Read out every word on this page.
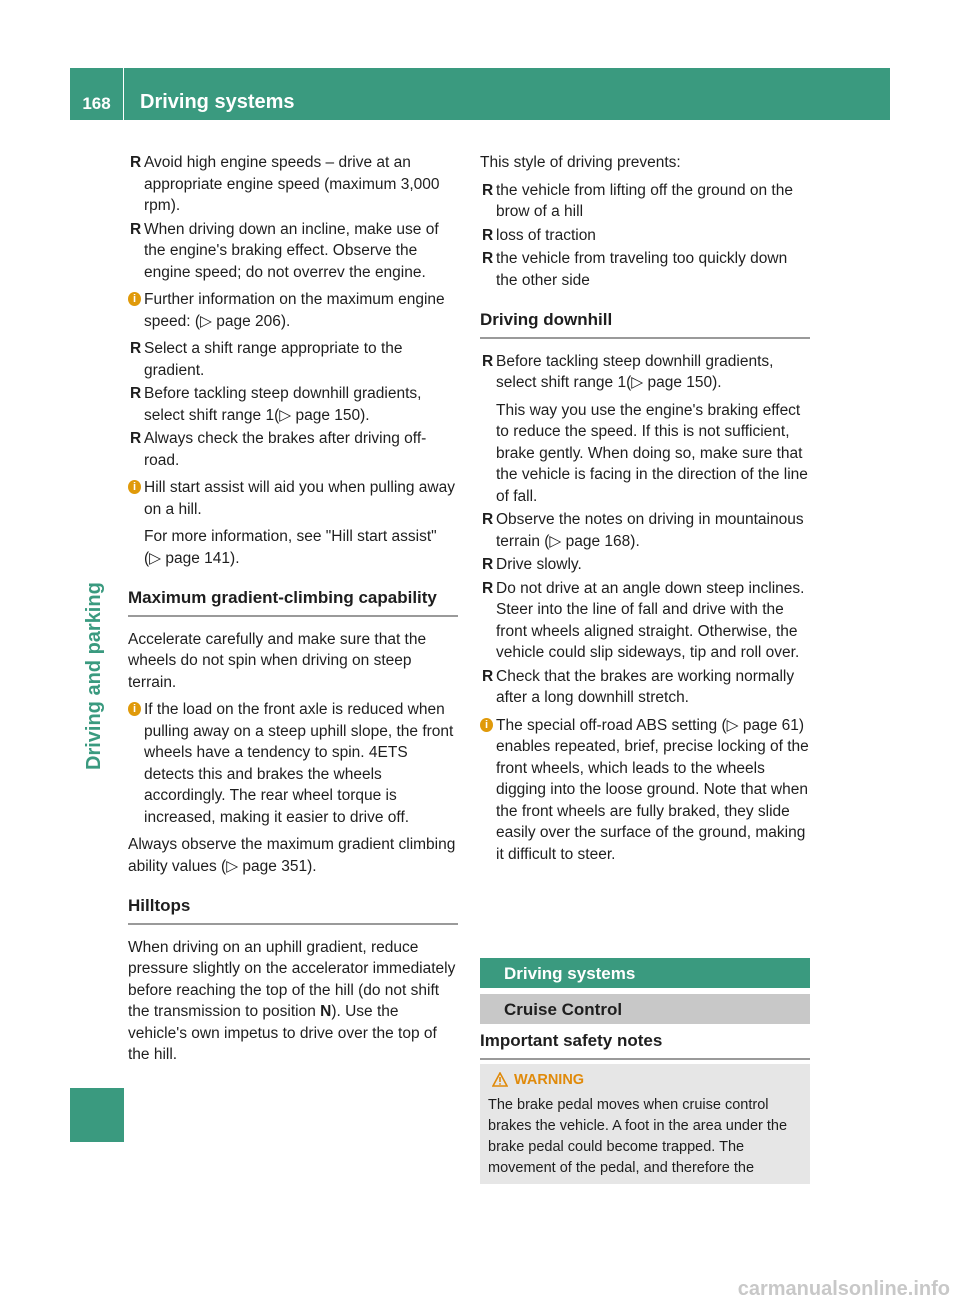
168	Driving systems
Driving and parking
R Avoid high engine speeds – drive at an appropriate engine speed (maximum 3,000 rpm).
R When driving down an incline, make use of the engine's braking effect. Observe the engine speed; do not overrev the engine.
i Further information on the maximum engine speed: (▷ page 206).
R Select a shift range appropriate to the gradient.
R Before tackling steep downhill gradients, select shift range 1(▷ page 150).
R Always check the brakes after driving off-road.
i Hill start assist will aid you when pulling away on a hill.
For more information, see "Hill start assist" (▷ page 141).
Maximum gradient-climbing capability

Accelerate carefully and make sure that the wheels do not spin when driving on steep terrain.

i If the load on the front axle is reduced when pulling away on a steep uphill slope, the front wheels have a tendency to spin. 4ETS detects this and brakes the wheels accordingly. The rear wheel torque is increased, making it easier to drive off.

Always observe the maximum gradient climbing ability values (▷ page 351).

Hilltops

When driving on an uphill gradient, reduce pressure slightly on the accelerator immediately before reaching the top of the hill (do not shift the transmission to position N). Use the vehicle's own impetus to drive over the top of the hill.

This style of driving prevents:

R the vehicle from lifting off the ground on the brow of a hill
R loss of traction
R the vehicle from traveling too quickly down the other side
Driving downhill
R Before tackling steep downhill gradients, select shift range 1(▷ page 150).
This way you use the engine's braking effect to reduce the speed. If this is not sufficient, brake gently. When doing so, make sure that the vehicle is facing in the direction of the line of fall.
R Observe the notes on driving in mountainous terrain (▷ page 168).
R Drive slowly.
R Do not drive at an angle down steep inclines. Steer into the line of fall and drive with the front wheels aligned straight. Otherwise, the vehicle could slip sideways, tip and roll over.
R Check that the brakes are working normally after a long downhill stretch.
i The special off-road ABS setting (▷ page 61) enables repeated, brief, precise locking of the front wheels, which leads to the wheels digging into the loose ground. Note that when the front wheels are fully braked, they slide easily over the surface of the ground, making it difficult to steer.
Driving systems
Cruise Control
Important safety notes
WARNING
The brake pedal moves when cruise control brakes the vehicle. A foot in the area under the brake pedal could become trapped. The movement of the pedal, and therefore the
carmanualsonline.info
